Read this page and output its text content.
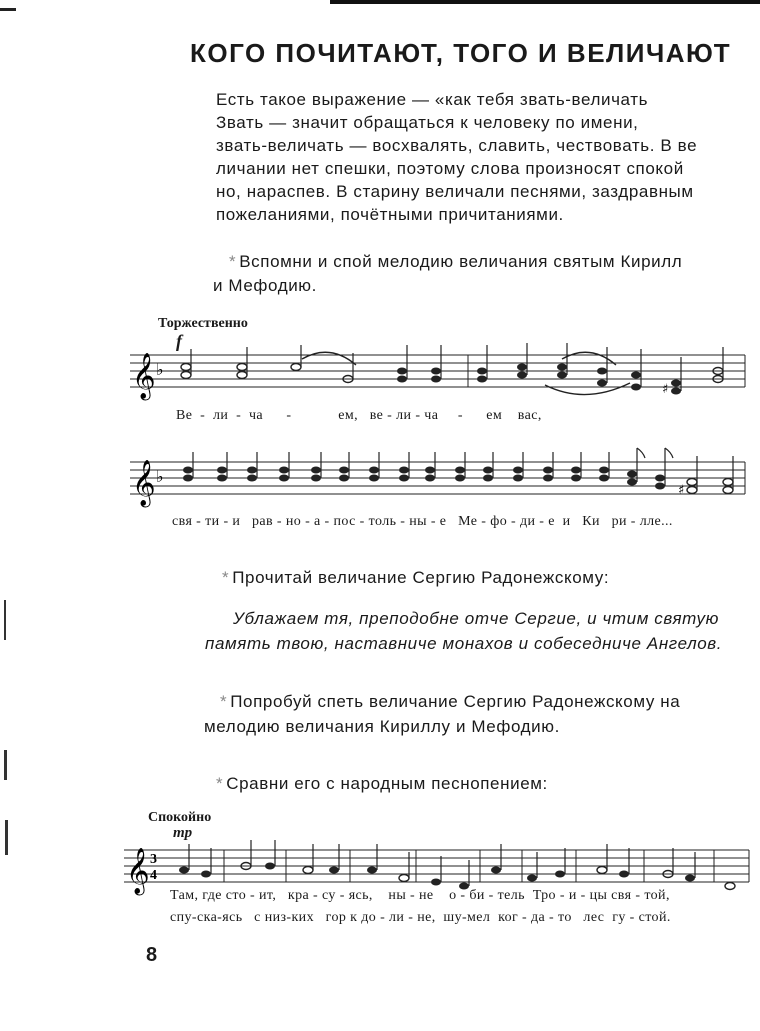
КОГО ПОЧИТАЮТ, ТОГО И ВЕЛИЧАЮТ
Есть такое выражение — «как тебя звать-величать
Звать — значит обращаться к человеку по имени,
звать-величать — восхвалять, славить, чествовать. В ве
личании нет спешки, поэтому слова произносят спокой
но, нараспев. В старину величали песнями, заздравным
пожеланиями, почётными причитаниями.
* Вспомни и спой мелодию величания святым Кирилл
и Мефодию.
Торжественно
f
𝄞 ♭
♯
Ве  -  ли  -  ча      -            ем,   ве - ли - ча     -      ем    вас,
𝄞 ♭
♯
свя - ти - и   рав - но - а - пос - толь - ны - е   Ме - фо - ди - е  и   Ки   ри - лле...
* Прочитай величание Сергию Радонежскому:
Ублажаем тя, преподобне отче Сергие, и чтим святую
память твою, наставниче монахов и собеседниче Ангелов.
* Попробуй спеть величание Сергию Радонежскому на
мелодию величания Кириллу и Мефодию.
* Сравни его с народным песнопением:
Спокойно
тр
𝄞 3
4
Там, где сто - ит,   кра - су - ясь,    ны - не    о - би - тель  Тро - и - цы свя - той,
спу-ска-ясь   с низ-ких   гор к до - ли - не,  шу-мел  ког - да - то   лес  гу - стой.
8
